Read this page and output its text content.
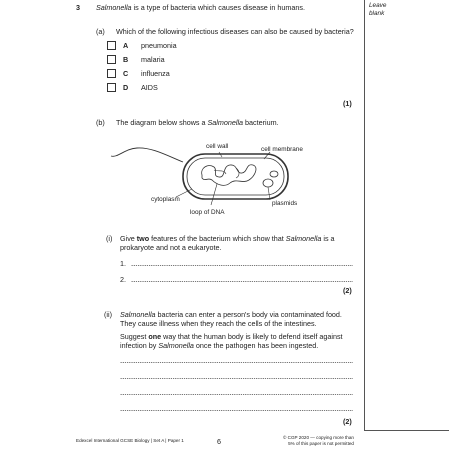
Leave
blank
3 Salmonella is a type of bacteria which causes disease in humans.
(a) Which of the following infectious diseases can also be caused by bacteria?
A pneumonia
B malaria
C influenza
D AIDS
(1)
(b) The diagram below shows a Salmonella bacterium.
cell wall	cell membrane
cytoplasm
plasmids
loop of DNA
(i) Give two features of the bacterium which show that Salmonella is a
prokaryote and not a eukaryote.
1.
2.
(2)
(ii) Salmonella bacteria can enter a person's body via contaminated food.
They cause illness when they reach the cells of the intestines.
Suggest one way that the human body is likely to defend itself against
infection by Salmonella once the pathogen has been ingested.
(2)
Edexcel International GCSE Biology | Set A | Paper 1	6	© CGP 2020 — copying more than
5% of this paper is not permitted
